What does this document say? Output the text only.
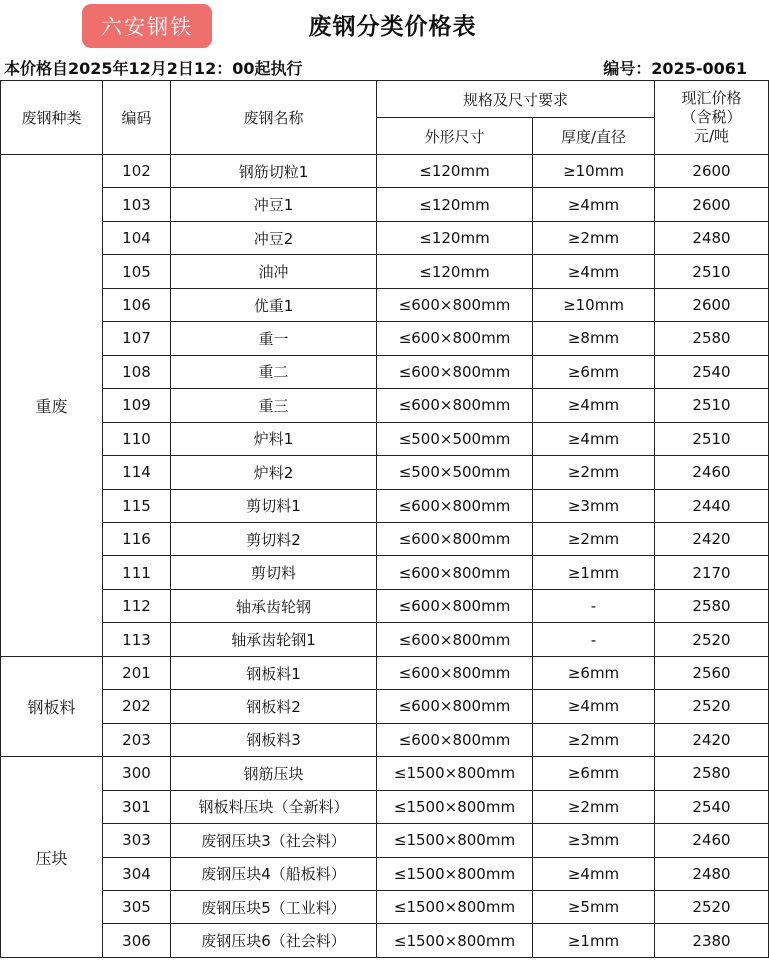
六安钢铁	废钢分类价格表
本价格自2025年12月2日12：00起执行	编号：2025-0061
废钢种类	编码	废钢名称	规格及尺寸要求		现汇价格
（含税）
元/吨

			外形尺寸	厚度/直径	
重废	102	钢筋切粒1	≤120mm	≥10mm	2600
	103	冲豆1	≤120mm	≥4mm	2600
	104	冲豆2	≤120mm	≥2mm	2480
	105	油冲	≤120mm	≥4mm	2510
	106	优重1	≤600×800mm	≥10mm	2600
	107	重一	≤600×800mm	≥8mm	2580
	108	重二	≤600×800mm	≥6mm	2540
	109	重三	≤600×800mm	≥4mm	2510
	110	炉料1	≤500×500mm	≥4mm	2510
	114	炉料2	≤500×500mm	≥2mm	2460
	115	剪切料1	≤600×800mm	≥3mm	2440
	116	剪切料2	≤600×800mm	≥2mm	2420
	111	剪切料	≤600×800mm	≥1mm	2170
	112	轴承齿轮钢	≤600×800mm	-	2580
	113	轴承齿轮钢1	≤600×800mm	-	2520
钢板料	201	钢板料1	≤600×800mm	≥6mm	2560
	202	钢板料2	≤600×800mm	≥4mm	2520
	203	钢板料3	≤600×800mm	≥2mm	2420
压块	300	钢筋压块	≤1500×800mm	≥6mm	2580
	301	钢板料压块（全新料）	≤1500×800mm	≥2mm	2540
	303	废钢压块3（社会料）	≤1500×800mm	≥3mm	2460
	304	废钢压块4（船板料）	≤1500×800mm	≥4mm	2480
	305	废钢压块5（工业料）	≤1500×800mm	≥5mm	2520
	306	废钢压块6（社会料）	≤1500×800mm	≥1mm	2380
